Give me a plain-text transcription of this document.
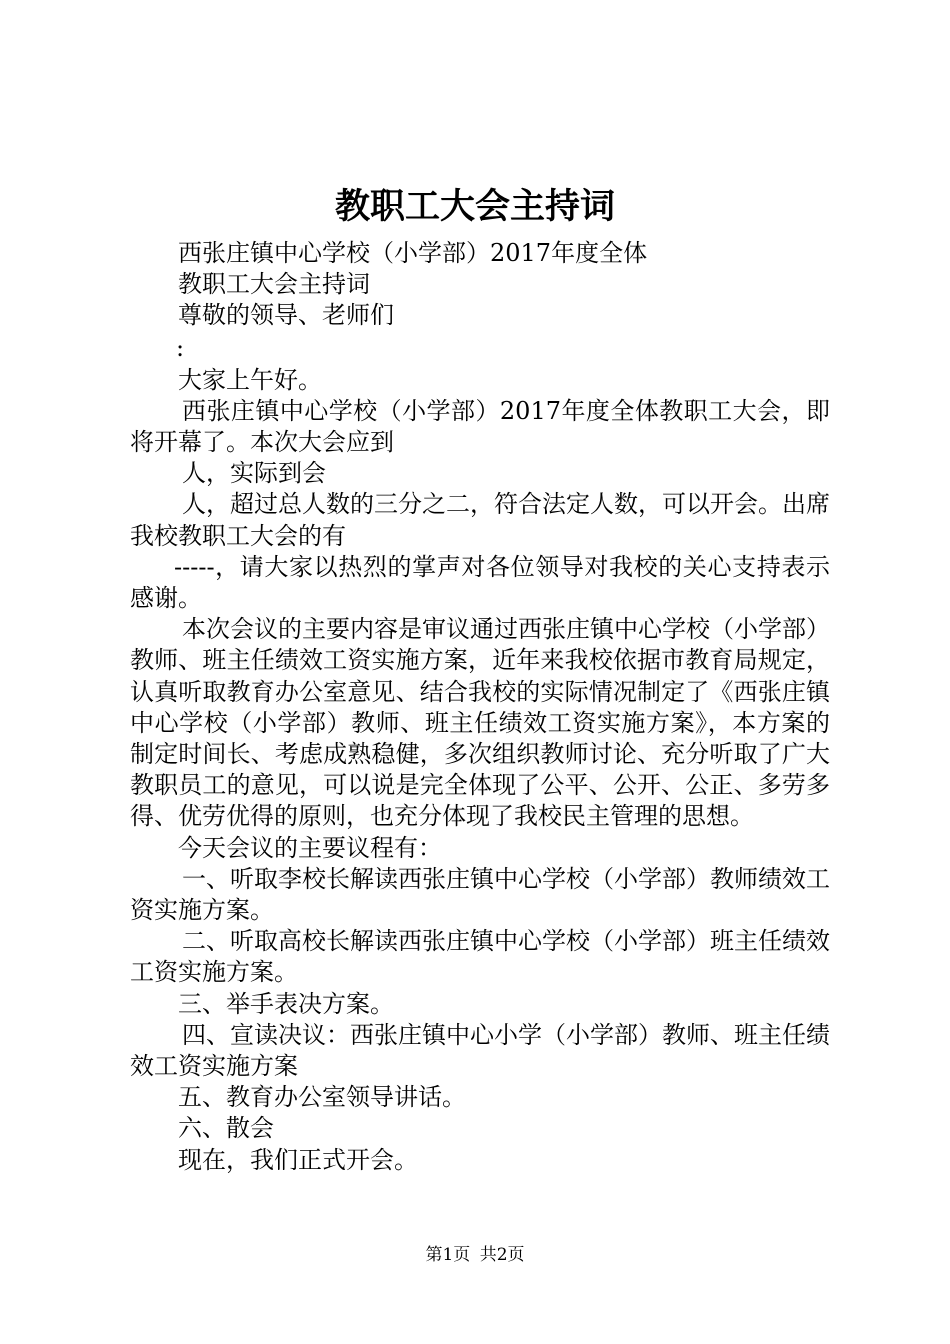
教职工大会主持词

西张庄镇中心学校（小学部）2017年度全体

教职工大会主持词

尊敬的领导、老师们

:

大家上午好。

西张庄镇中心学校（小学部）2017年度全体教职工大会，即将开幕了。本次大会应到

人，实际到会

人，超过总人数的三分之二，符合法定人数，可以开会。出席我校教职工大会的有

-----，请大家以热烈的掌声对各位领导对我校的关心支持表示感谢。

本次会议的主要内容是审议通过西张庄镇中心学校（小学部）教师、班主任绩效工资实施方案，近年来我校依据市教育局规定，认真听取教育办公室意见、结合我校的实际情况制定了《西张庄镇中心学校（小学部）教师、班主任绩效工资实施方案》，本方案的制定时间长、考虑成熟稳健，多次组织教师讨论、充分听取了广大教职员工的意见，可以说是完全体现了公平、公开、公正、多劳多得、优劳优得的原则，也充分体现了我校民主管理的思想。

今天会议的主要议程有：

一、听取李校长解读西张庄镇中心学校（小学部）教师绩效工资实施方案。

二、听取高校长解读西张庄镇中心学校（小学部）班主任绩效工资实施方案。

三、举手表决方案。

四、宣读决议：西张庄镇中心小学（小学部）教师、班主任绩效工资实施方案

五、教育办公室领导讲话。

六、散会

现在，我们正式开会。

第1页 共2页
